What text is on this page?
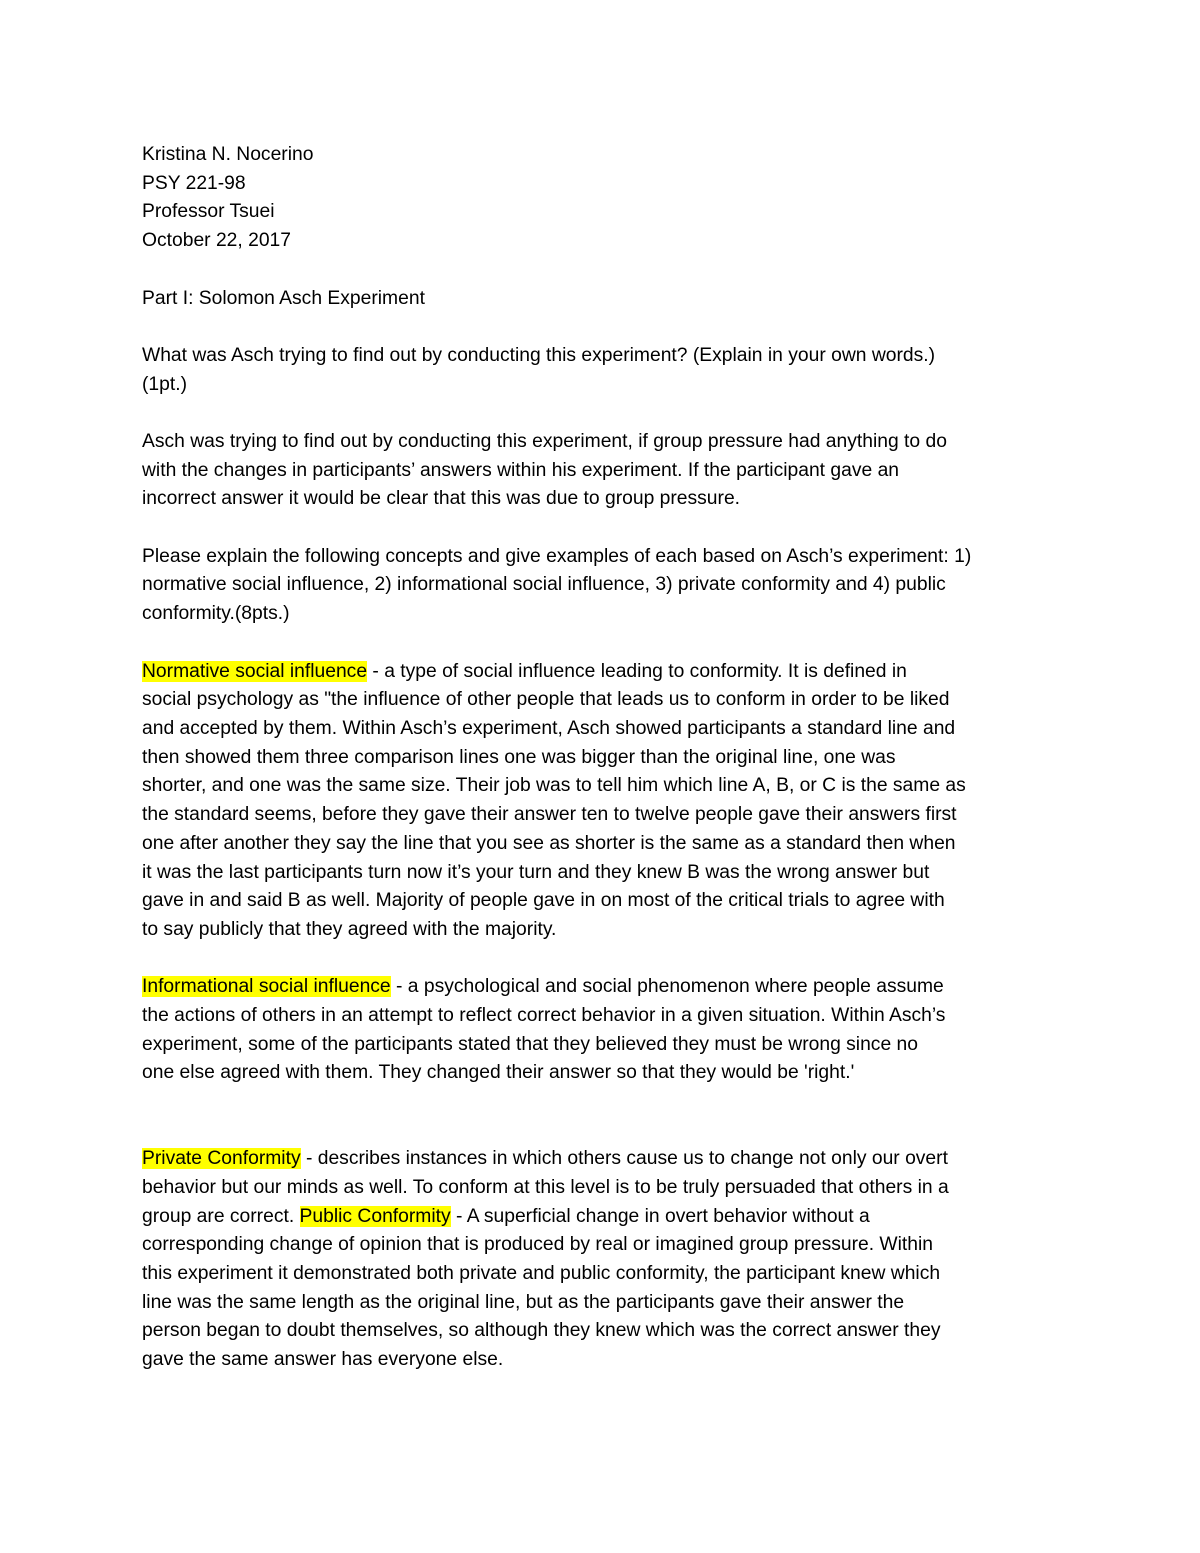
Kristina N. Nocerino
PSY 221-98
Professor Tsuei
October 22, 2017
Part I: Solomon Asch Experiment
What was Asch trying to find out by conducting this experiment? (Explain in your own words.)
(1pt.)
Asch was trying to find out by conducting this experiment, if group pressure had anything to do
with the changes in participants’ answers within his experiment. If the participant gave an
incorrect answer it would be clear that this was due to group pressure.
Please explain the following concepts and give examples of each based on Asch’s experiment: 1)
normative social influence, 2) informational social influence, 3) private conformity and 4) public
conformity.(8pts.)
Normative social influence - a type of social influence leading to conformity. It is defined in
social psychology as "the influence of other people that leads us to conform in order to be liked
and accepted by them. Within Asch’s experiment, Asch showed participants a standard line and
then showed them three comparison lines one was bigger than the original line, one was
shorter, and one was the same size. Their job was to tell him which line A, B, or C is the same as
the standard seems, before they gave their answer ten to twelve people gave their answers first
one after another they say the line that you see as shorter is the same as a standard then when
it was the last participants turn now it’s your turn and they knew B was the wrong answer but
gave in and said B as well. Majority of people gave in on most of the critical trials to agree with
to say publicly that they agreed with the majority.
Informational social influence - a psychological and social phenomenon where people assume
the actions of others in an attempt to reflect correct behavior in a given situation. Within Asch’s
experiment, some of the participants stated that they believed they must be wrong since no
one else agreed with them. They changed their answer so that they would be 'right.'
Private Conformity - describes instances in which others cause us to change not only our overt
behavior but our minds as well. To conform at this level is to be truly persuaded that others in a
group are correct. Public Conformity - A superficial change in overt behavior without a
corresponding change of opinion that is produced by real or imagined group pressure. Within
this experiment it demonstrated both private and public conformity, the participant knew which
line was the same length as the original line, but as the participants gave their answer the
person began to doubt themselves, so although they knew which was the correct answer they
gave the same answer has everyone else.
